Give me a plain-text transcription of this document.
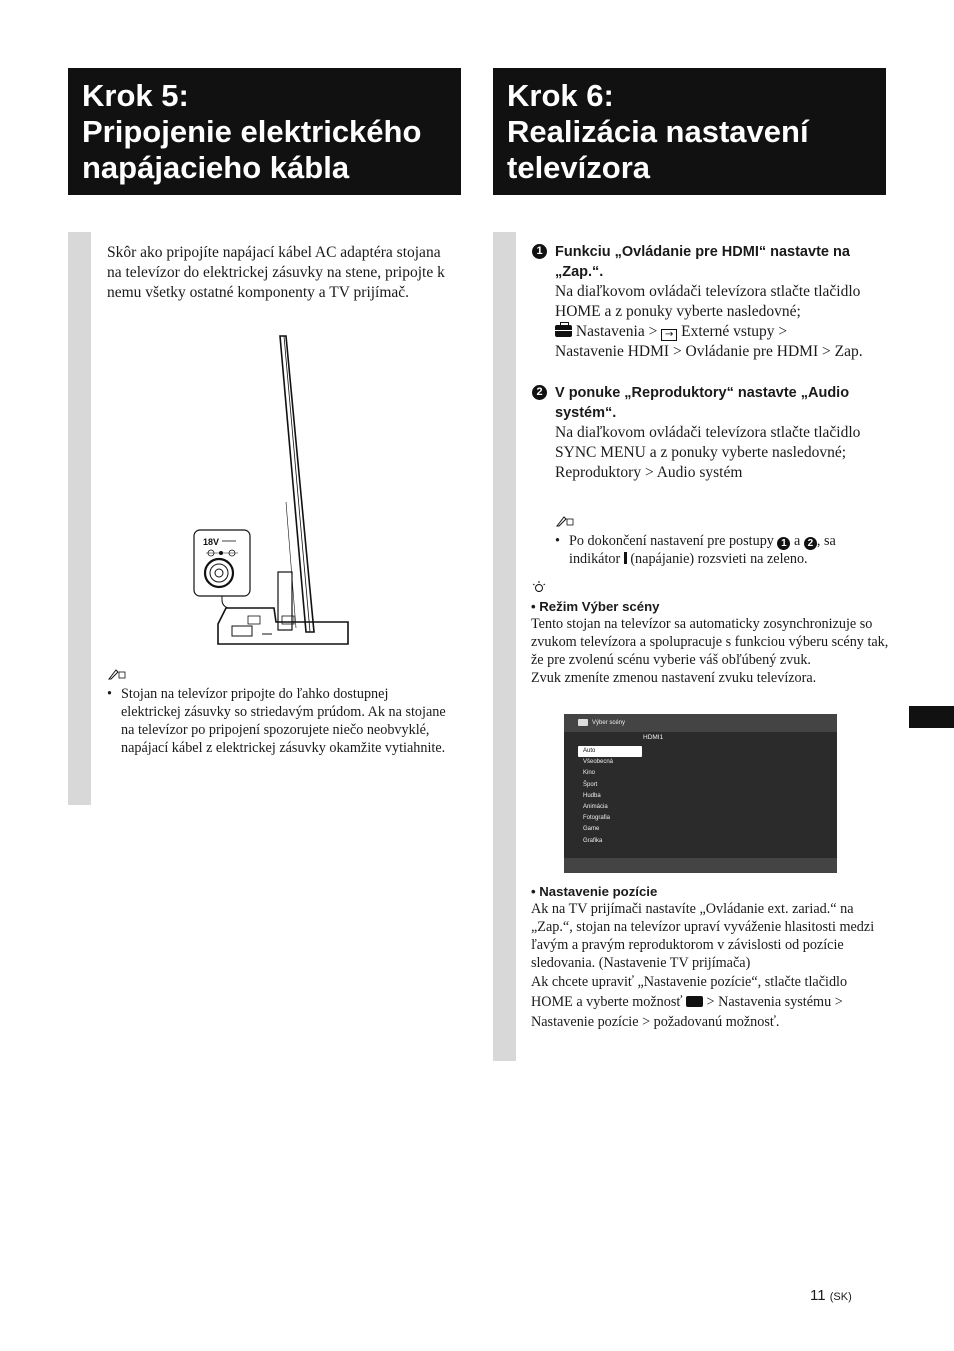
Krok 5:
Pripojenie elektrického
napájacieho kábla
Krok 6:
Realizácia nastavení
televízora
Skôr ako pripojíte napájací kábel AC adaptéra stojana na televízor do elektrickej zásuvky na stene, pripojte k nemu všetky ostatné komponenty a TV prijímač.
18V
• Stojan na televízor pripojte do ľahko dostupnej elektrickej zásuvky so striedavým prúdom. Ak na stojane na televízor po pripojení spozorujete niečo neobvyklé, napájací kábel z elektrickej zásuvky okamžite vytiahnite.
1 Funkciu „Ovládanie pre HDMI“ nastavte na „Zap.“.
Na diaľkovom ovládači televízora stlačte tlačidlo HOME a z ponuky vyberte nasledovné;
Nastavenia > → Externé vstupy >
Nastavenie HDMI > Ovládanie pre HDMI > Zap.
2 V ponuke „Reproduktory“ nastavte „Audio systém“.
Na diaľkovom ovládači televízora stlačte tlačidlo SYNC MENU a z ponuky vyberte nasledovné;
Reproduktory > Audio systém
• Po dokončení nastavení pre postupy 1 a 2 , sa indikátor (napájanie) rozsvieti na zeleno.
• Režim Výber scény
Tento stojan na televízor sa automaticky zosynchronizuje so zvukom televízora a spolupracuje s funkciou výberu scény tak, že pre zvolenú scénu vyberie váš obľúbený zvuk.
Zvuk zmeníte zmenou nastavení zvuku televízora.
Výber scény
HDMI1
Auto
Všeobecná
Kino
Šport
Hudba
Animácia
Fotografia
Game
Grafika
• Nastavenie pozície
Ak na TV prijímači nastavíte „Ovládanie ext. zariad.“ na „Zap.“, stojan na televízor upraví vyváženie hlasitosti medzi ľavým a pravým reproduktorom v závislosti od pozície sledovania. (Nastavenie TV prijímača)
Ak chcete upraviť „Nastavenie pozície“, stlačte tlačidlo HOME a vyberte možnosť > Nastavenia systému > Nastavenie pozície > požadovanú možnosť.
11 (SK)
